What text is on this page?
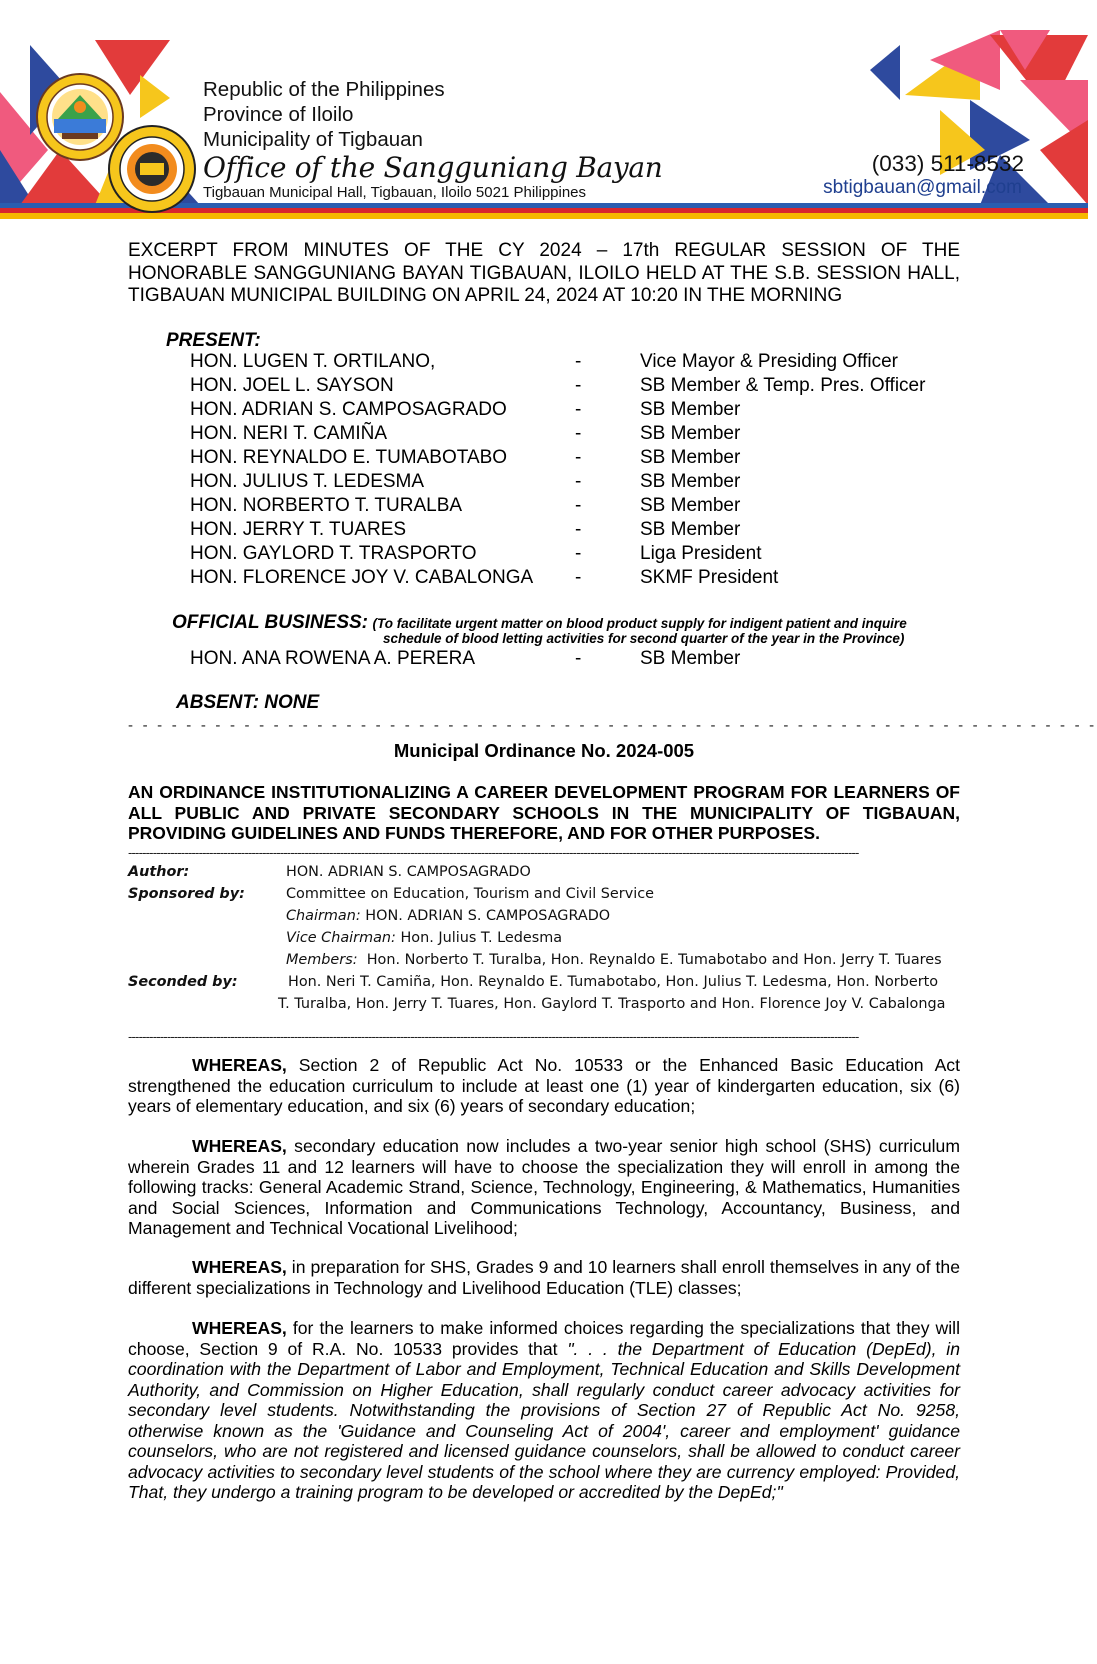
Republic of the Philippines
Province of Iloilo
Municipality of Tigbauan
Office of the Sangguniang Bayan
Tigbauan Municipal Hall, Tigbauan, Iloilo 5021 Philippines
(033) 511-8532
sbtigbauan@gmail.com

EXCERPT FROM MINUTES OF THE CY 2024 – 17th REGULAR SESSION OF THE HONORABLE SANGGUNIANG BAYAN TIGBAUAN, ILOILO HELD AT THE S.B. SESSION HALL, TIGBAUAN MUNICIPAL BUILDING ON APRIL 24, 2024 AT 10:20 IN THE MORNING

PRESENT:
HON. LUGEN T. ORTILANO,	-	Vice Mayor & Presiding Officer
HON. JOEL L. SAYSON	-	SB Member & Temp. Pres. Officer
HON. ADRIAN S. CAMPOSAGRADO	-	SB Member
HON. NERI T. CAMIÑA	-	SB Member
HON. REYNALDO E. TUMABOTABO	-	SB Member
HON. JULIUS T. LEDESMA	-	SB Member
HON. NORBERTO T. TURALBA	-	SB Member
HON. JERRY T. TUARES	-	SB Member
HON. GAYLORD T. TRASPORTO	-	Liga President
HON. FLORENCE JOY V. CABALONGA -	SKMF President
OFFICIAL BUSINESS: (To facilitate urgent matter on blood product supply for indigent patient and inquire
schedule of blood letting activities for second quarter of the year in the Province)
HON. ANA ROWENA A. PERERA	-	SB Member
ABSENT: NONE
- - - - - - - - - - - - - - - - - - - - - - - - - - - - - - - - - - - - - - - - - - - - - - - - - - - - - - - - - - - - - - - - - - -
Municipal Ordinance No. 2024-005
AN ORDINANCE INSTITUTIONALIZING A CAREER DEVELOPMENT PROGRAM FOR LEARNERS OF ALL PUBLIC AND PRIVATE SECONDARY SCHOOLS IN THE MUNICIPALITY OF TIGBAUAN, PROVIDING GUIDELINES AND FUNDS THEREFORE, AND FOR OTHER PURPOSES.
---------------------------------------------------------------------------------------------------------------------------------------------------------------------------------------------------------------
Author:	HON. ADRIAN S. CAMPOSAGRADO
Sponsored by:	Committee on Education, Tourism and Civil Service
Chairman: HON. ADRIAN S. CAMPOSAGRADO
Vice Chairman: Hon. Julius T. Ledesma
Members: Hon. Norberto T. Turalba, Hon. Reynaldo E. Tumabotabo and Hon. Jerry T. Tuares
Seconded by:	Hon. Neri T. Camiña, Hon. Reynaldo E. Tumabotabo, Hon. Julius T. Ledesma, Hon. Norberto
T. Turalba, Hon. Jerry T. Tuares, Hon. Gaylord T. Trasporto and Hon. Florence Joy V. Cabalonga
---------------------------------------------------------------------------------------------------------------------------------------------------------------------------------------------------------------

WHEREAS, Section 2 of Republic Act No. 10533 or the Enhanced Basic Education Act strengthened the education curriculum to include at least one (1) year of kindergarten education, six (6) years of elementary education, and six (6) years of secondary education;

WHEREAS, secondary education now includes a two-year senior high school (SHS) curriculum wherein Grades 11 and 12 learners will have to choose the specialization they will enroll in among the following tracks: General Academic Strand, Science, Technology, Engineering, & Mathematics, Humanities and Social Sciences, Information and Communications Technology, Accountancy, Business, and Management and Technical Vocational Livelihood;

WHEREAS, in preparation for SHS, Grades 9 and 10 learners shall enroll themselves in any of the different specializations in Technology and Livelihood Education (TLE) classes;

WHEREAS, for the learners to make informed choices regarding the specializations that they will choose, Section 9 of R.A. No. 10533 provides that ". . . the Department of Education (DepEd), in coordination with the Department of Labor and Employment, Technical Education and Skills Development Authority, and Commission on Higher Education, shall regularly conduct career advocacy activities for secondary level students. Notwithstanding the provisions of Section 27 of Republic Act No. 9258, otherwise known as the 'Guidance and Counseling Act of 2004', career and employment' guidance counselors, who are not registered and licensed guidance counselors, shall be allowed to conduct career advocacy activities to secondary level students of the school where they are currency employed: Provided, That, they undergo a training program to be developed or accredited by the DepEd;"
